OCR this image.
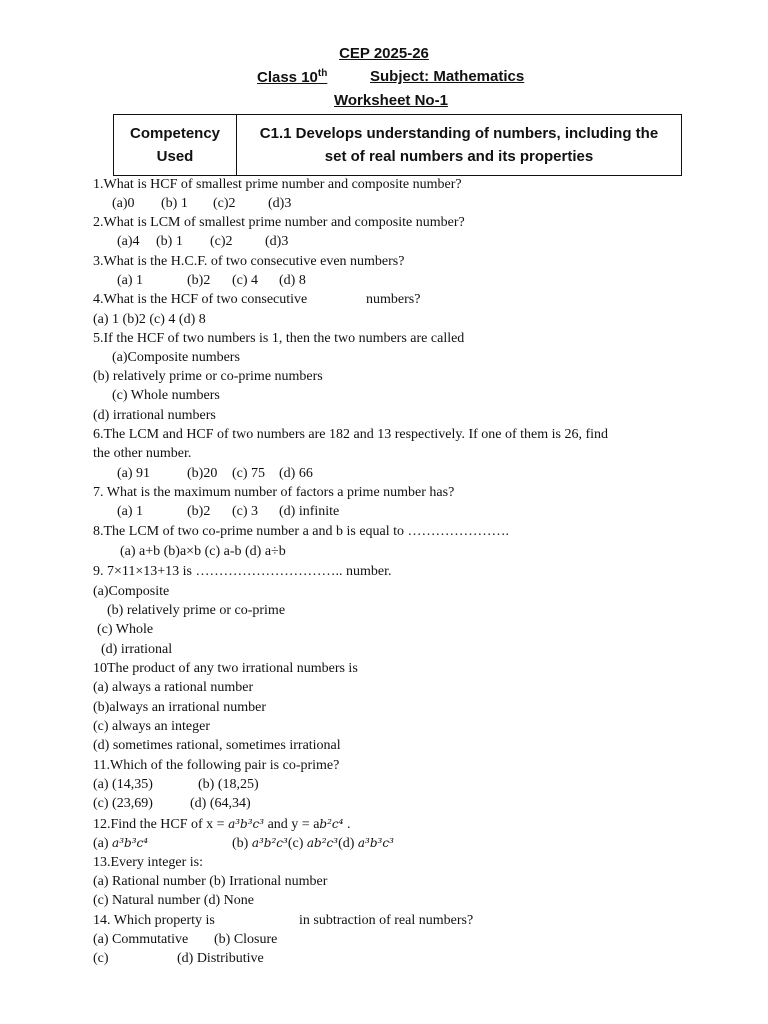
CEP 2025-26
Class 10th	Subject: Mathematics
Worksheet No-1
Competency
Used

C1.1 Develops understanding of numbers, including the
set of real numbers and its properties
1.What is HCF of smallest prime number and composite number?
(a)0 (b) 1 (c)2 (d)3
2.What is LCM of smallest prime number and composite number?
(a)4 (b) 1 (c)2 (d)3
3.What is the H.C.F. of two consecutive even numbers?
(a) 1	(b)2 (c) 4 (d) 8
4.What is the HCF of two consecutive	numbers?
(a) 1 (b)2 (c) 4 (d) 8
5.If the HCF of two numbers is 1, then the two numbers are called
(a)Composite numbers
(b) relatively prime or co-prime numbers
(c) Whole numbers
(d) irrational numbers
6.The LCM and HCF of two numbers are 182 and 13 respectively. If one of them is 26, find
the other number.
(a) 91	(b)20 (c) 75 (d) 66
7. What is the maximum number of factors a prime number has?
(a) 1	(b)2 (c) 3 (d) infinite
8.The LCM of two co-prime number a and b is equal to ………………….
(a) a+b (b)a×b (c) a-b (d) a÷b
9. 7×11×13+13 is ………………………….. number.
(a)Composite
(b) relatively prime or co-prime
(c) Whole
(d) irrational
10The product of any two irrational numbers is
(a) always a rational number
(b)always an irrational number
(c) always an integer
(d) sometimes rational, sometimes irrational
11.Which of the following pair is co-prime?
(a) (14,35)	(b) (18,25)
(c) (23,69)	(d) (64,34)
12.Find the HCF of x = a³b³c³ and y = ab²c⁴ .
(a) a³b³c⁴	(b) a³b²c³(c) ab²c³(d) a³b³c³
13.Every integer is:
(a) Rational number (b) Irrational number
(c) Natural number (d) None
14. Which property is	in subtraction of real numbers?
(a) Commutative (b) Closure
(c)	(d) Distributive
